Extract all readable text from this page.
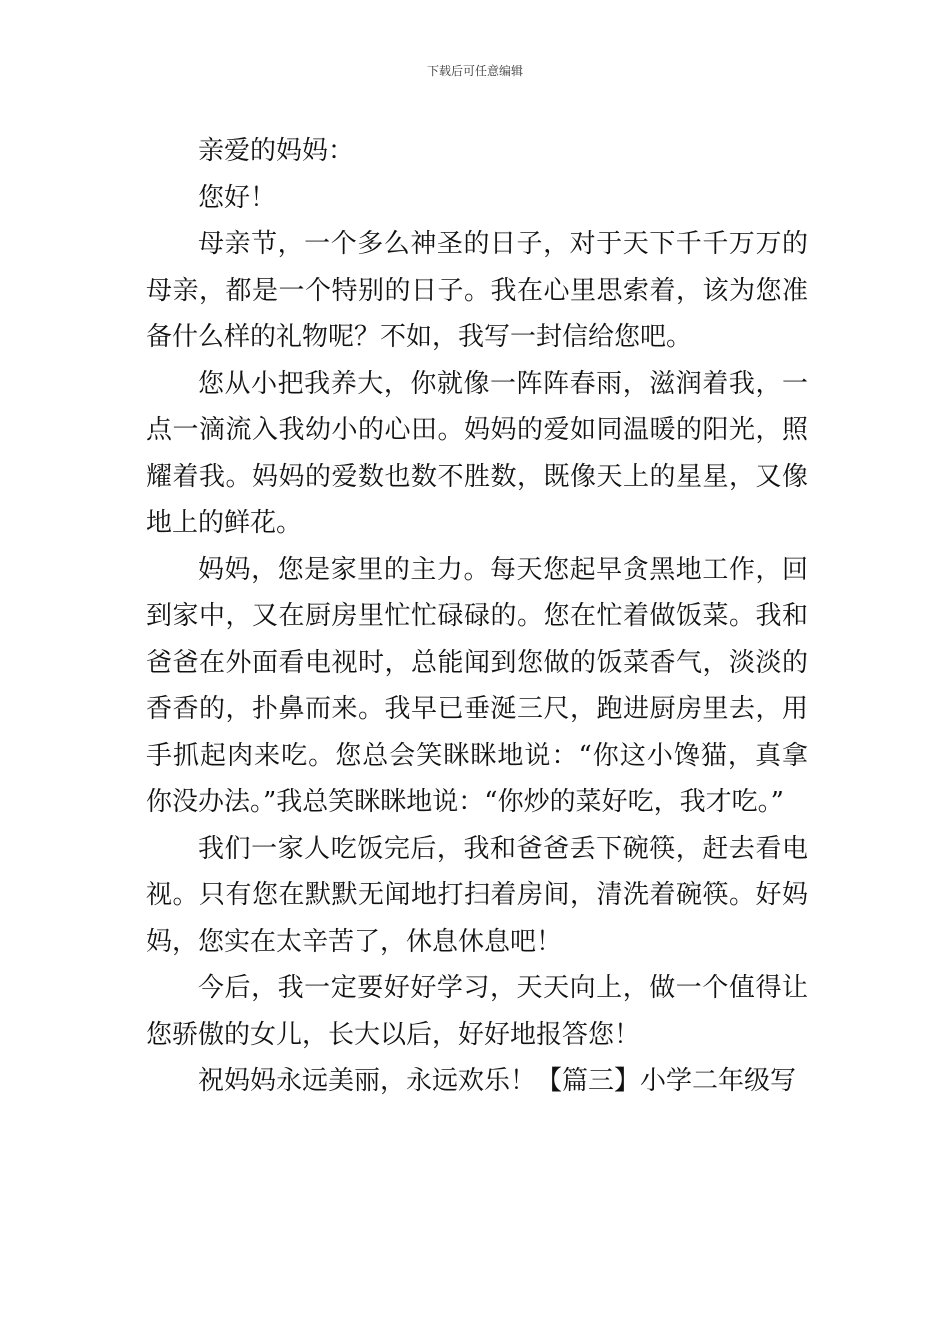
下载后可任意编辑

亲爱的妈妈：

您好！

母亲节，一个多么神圣的日子，对于天下千千万万的母亲，都是一个特别的日子。我在心里思索着，该为您准备什么样的礼物呢？不如，我写一封信给您吧。

您从小把我养大，你就像一阵阵春雨，滋润着我，一点一滴流入我幼小的心田。妈妈的爱如同温暖的阳光，照耀着我。妈妈的爱数也数不胜数，既像天上的星星，又像地上的鲜花。

妈妈，您是家里的主力。每天您起早贪黑地工作，回到家中，又在厨房里忙忙碌碌的。您在忙着做饭菜。我和爸爸在外面看电视时，总能闻到您做的饭菜香气，淡淡的香香的，扑鼻而来。我早已垂涎三尺，跑进厨房里去，用手抓起肉来吃。您总会笑眯眯地说：“你这小馋猫，真拿你没办法。”我总笑眯眯地说：“你炒的菜好吃，我才吃。”

我们一家人吃饭完后，我和爸爸丢下碗筷，赶去看电视。只有您在默默无闻地打扫着房间，清洗着碗筷。好妈妈，您实在太辛苦了，休息休息吧！

今后，我一定要好好学习，天天向上，做一个值得让您骄傲的女儿，长大以后，好好地报答您！

祝妈妈永远美丽，永远欢乐！【篇三】小学二年级写
